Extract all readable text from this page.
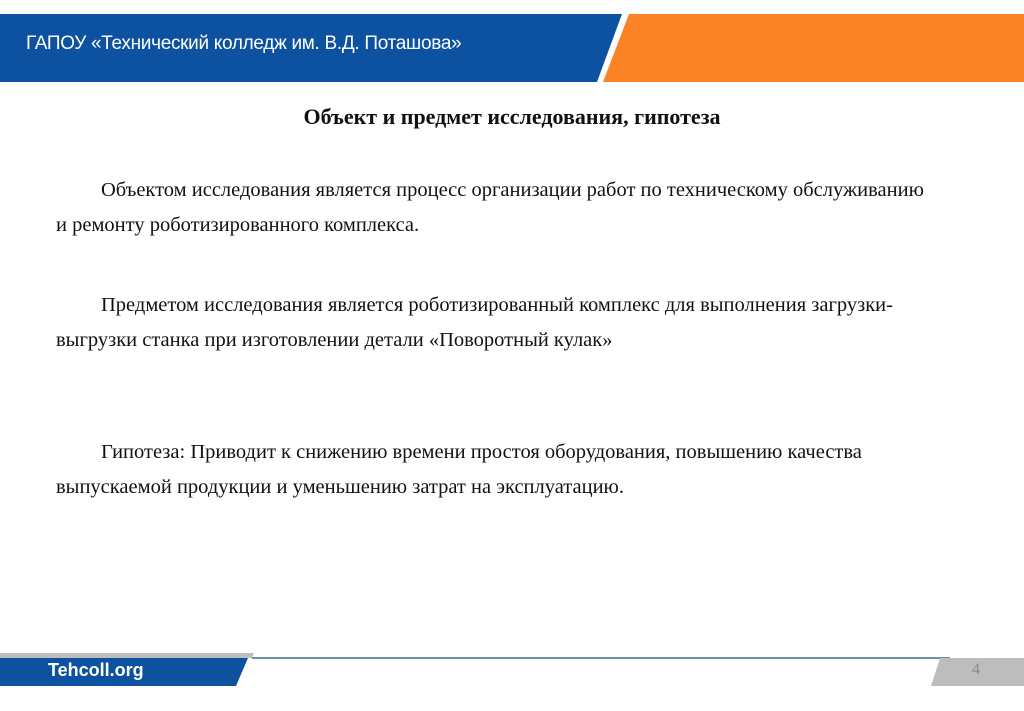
ГАПОУ «Технический колледж им. В.Д. Поташова»
Объект и предмет исследования, гипотеза
Объектом исследования является процесс организации работ по техническому обслуживанию и ремонту роботизированного комплекса.
Предметом исследования является роботизированный комплекс для выполнения загрузки-выгрузки станка при изготовлении детали «Поворотный кулак»
Гипотеза: Приводит к снижению времени простоя оборудования, повышению качества выпускаемой продукции и уменьшению затрат на эксплуатацию.
Tehcoll.org	4
